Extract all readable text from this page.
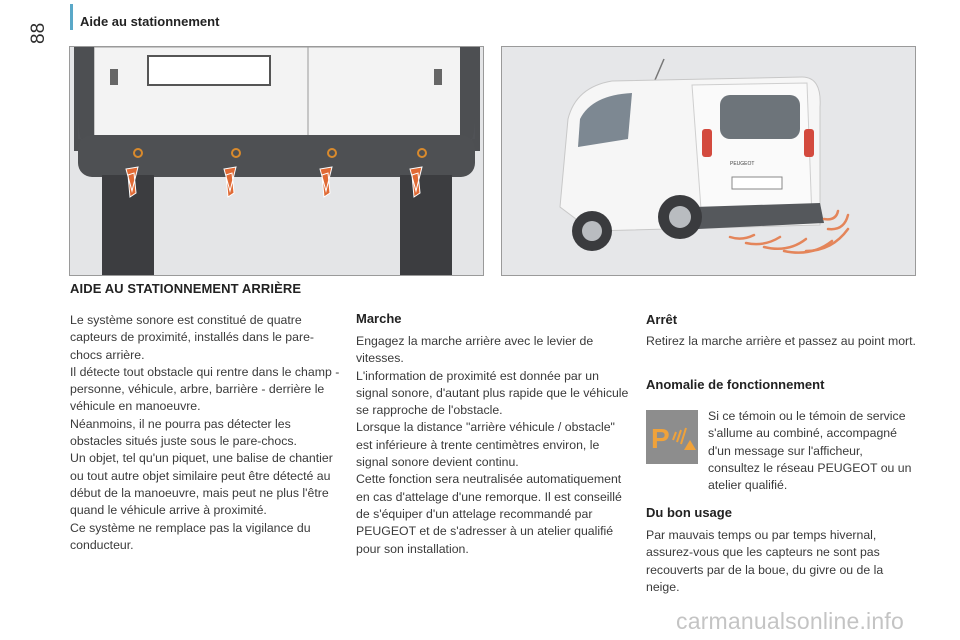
88
Aide au stationnement
PEUGEOT
AIDE AU STATIONNEMENT ARRIÈRE

Le système sonore est constitué de quatre capteurs de proximité, installés dans le pare-chocs arrière.

Il détecte tout obstacle qui rentre dans le champ - personne, véhicule, arbre, barrière - derrière le véhicule en manoeuvre.

Néanmoins, il ne pourra pas détecter les obstacles situés juste sous le pare-chocs.

Un objet, tel qu'un piquet, une balise de chantier ou tout autre objet similaire peut être détecté au début de la manoeuvre, mais peut ne plus l'être quand le véhicule arrive à proximité.

Ce système ne remplace pas la vigilance du conducteur.

Marche

Engagez la marche arrière avec le levier de vitesses.

L'information de proximité est donnée par un signal sonore, d'autant plus rapide que le véhicule se rapproche de l'obstacle.

Lorsque la distance "arrière véhicule / obstacle" est inférieure à trente centimètres environ, le signal sonore devient continu.

Cette fonction sera neutralisée automatiquement en cas d'attelage d'une remorque. Il est conseillé de s'équiper d'un attelage recommandé par PEUGEOT et de s'adresser à un atelier qualifié pour son installation.

Arrêt
Retirez la marche arrière et passez au point mort.
Anomalie de fonctionnement
P
Si ce témoin ou le témoin de service s'allume au combiné, accompagné d'un message sur l'afficheur, consultez le réseau PEUGEOT ou un atelier qualifié.
Du bon usage
Par mauvais temps ou par temps hivernal, assurez-vous que les capteurs ne sont pas recouverts par de la boue, du givre ou de la neige.
carmanualsonline.info
